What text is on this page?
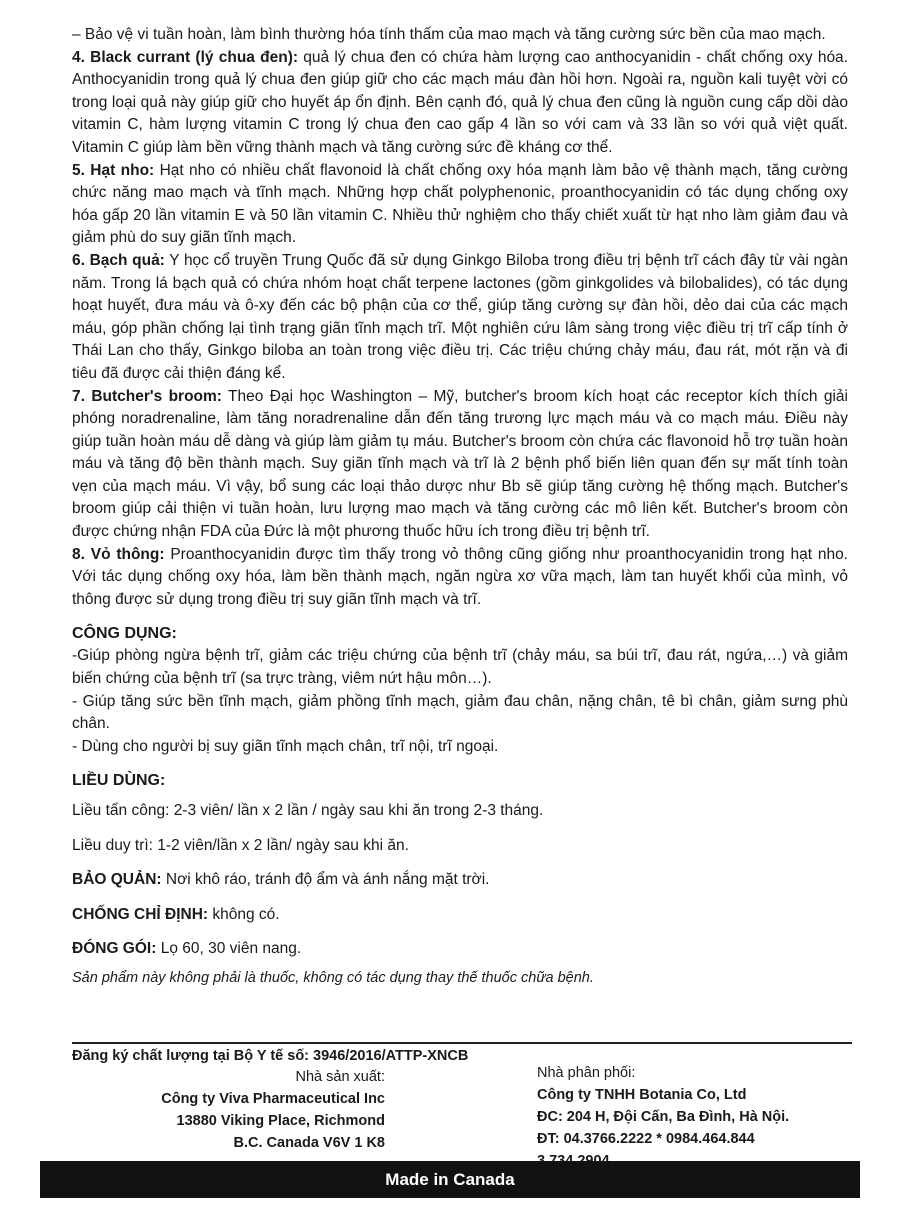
– Bảo vệ vi tuần hoàn, làm bình thường hóa tính thấm của mao mạch và tăng cường sức bền của mao mạch.

4. Black currant (lý chua đen): quả lý chua đen có chứa hàm lượng cao anthocyanidin - chất chống oxy hóa. Anthocyanidin trong quả lý chua đen giúp giữ cho các mạch máu đàn hồi hơn. Ngoài ra, nguồn kali tuyệt vời có trong loại quả này giúp giữ cho huyết áp ổn định. Bên cạnh đó, quả lý chua đen cũng là nguồn cung cấp dồi dào vitamin C, hàm lượng vitamin C trong lý chua đen cao gấp 4 lần so với cam và 33 lần so với quả việt quất. Vitamin C giúp làm bền vững thành mạch và tăng cường sức đề kháng cơ thể.

5. Hạt nho: Hạt nho có nhiều chất flavonoid là chất chống oxy hóa mạnh làm bảo vệ thành mạch, tăng cường chức năng mao mạch và tĩnh mạch. Những hợp chất polyphenonic, proanthocyanidin có tác dụng chống oxy hóa gấp 20 lần vitamin E và 50 lần vitamin C. Nhiều thử nghiệm cho thấy chiết xuất từ hạt nho làm giảm đau và giảm phù do suy giãn tĩnh mạch.

6. Bạch quả: Y học cổ truyền Trung Quốc đã sử dụng Ginkgo Biloba trong điều trị bệnh trĩ cách đây từ vài ngàn năm. Trong lá bạch quả có chứa nhóm hoạt chất terpene lactones (gồm ginkgolides và bilobalides), có tác dụng hoạt huyết, đưa máu và ô-xy đến các bộ phận của cơ thể, giúp tăng cường sự đàn hồi, dẻo dai của các mạch máu, góp phần chống lại tình trạng giãn tĩnh mạch trĩ. Một nghiên cứu lâm sàng trong việc điều trị trĩ cấp tính ở Thái Lan cho thấy, Ginkgo biloba an toàn trong việc điều trị. Các triệu chứng chảy máu, đau rát, mót rặn và đi tiêu đã được cải thiện đáng kể.

7. Butcher's broom: Theo Đại học Washington – Mỹ, butcher's broom kích hoạt các receptor kích thích giải phóng noradrenaline, làm tăng noradrenaline dẫn đến tăng trương lực mạch máu và co mạch máu. Điều này giúp tuần hoàn máu dễ dàng và giúp làm giảm tụ máu. Butcher's broom còn chứa các flavonoid hỗ trợ tuần hoàn máu và tăng độ bền thành mạch. Suy giãn tĩnh mạch và trĩ là 2 bệnh phổ biến liên quan đến sự mất tính toàn vẹn của mạch máu. Vì vậy, bổ sung các loại thảo dược như Bb sẽ giúp tăng cường hệ thống mạch. Butcher's broom giúp cải thiện vi tuần hoàn, lưu lượng mao mạch và tăng cường các mô liên kết. Butcher's broom còn được chứng nhận FDA của Đức là một phương thuốc hữu ích trong điều trị bệnh trĩ.

8. Vỏ thông: Proanthocyanidin được tìm thấy trong vỏ thông cũng giống như proanthocyanidin trong hạt nho. Với tác dụng chống oxy hóa, làm bền thành mạch, ngăn ngừa xơ vữa mạch, làm tan huyết khối của mình, vỏ thông được sử dụng trong điều trị suy giãn tĩnh mạch và trĩ.

CÔNG DỤNG:

-Giúp phòng ngừa bệnh trĩ, giảm các triệu chứng của bệnh trĩ (chảy máu, sa búi trĩ, đau rát, ngứa,…) và giảm biến chứng của bệnh trĩ (sa trực tràng, viêm nứt hậu môn…).

- Giúp tăng sức bền tĩnh mạch, giảm phồng tĩnh mạch, giảm đau chân, nặng chân, tê bì chân, giảm sưng phù chân.

- Dùng cho người bị suy giãn tĩnh mạch chân, trĩ nội, trĩ ngoại.

LIỀU DÙNG:

Liều tấn công: 2-3 viên/ lần x 2 lần / ngày sau khi ăn trong 2-3 tháng.

Liều duy trì: 1-2 viên/lần x 2 lần/ ngày sau khi ăn.

BẢO QUẢN: Nơi khô ráo, tránh độ ẩm và ánh nắng mặt trời.

CHỐNG CHỈ ĐỊNH: không có.

ĐÓNG GÓI: Lọ 60, 30 viên nang.

Sản phẩm này không phải là thuốc, không có tác dụng thay thế thuốc chữa bệnh.

Đăng ký chất lượng tại Bộ Y tế số: 3946/2016/ATTP-XNCB
Nhà sản xuất:
Công ty Viva Pharmaceutical Inc
13880 Viking Place, Richmond
B.C. Canada V6V 1 K8
Nhà phân phối:
Công ty TNHH Botania Co, Ltd
ĐC: 204 H, Đội Cấn, Ba Đình, Hà Nội.
ĐT: 04.3766.2222 * 0984.464.844
Made in Canada
